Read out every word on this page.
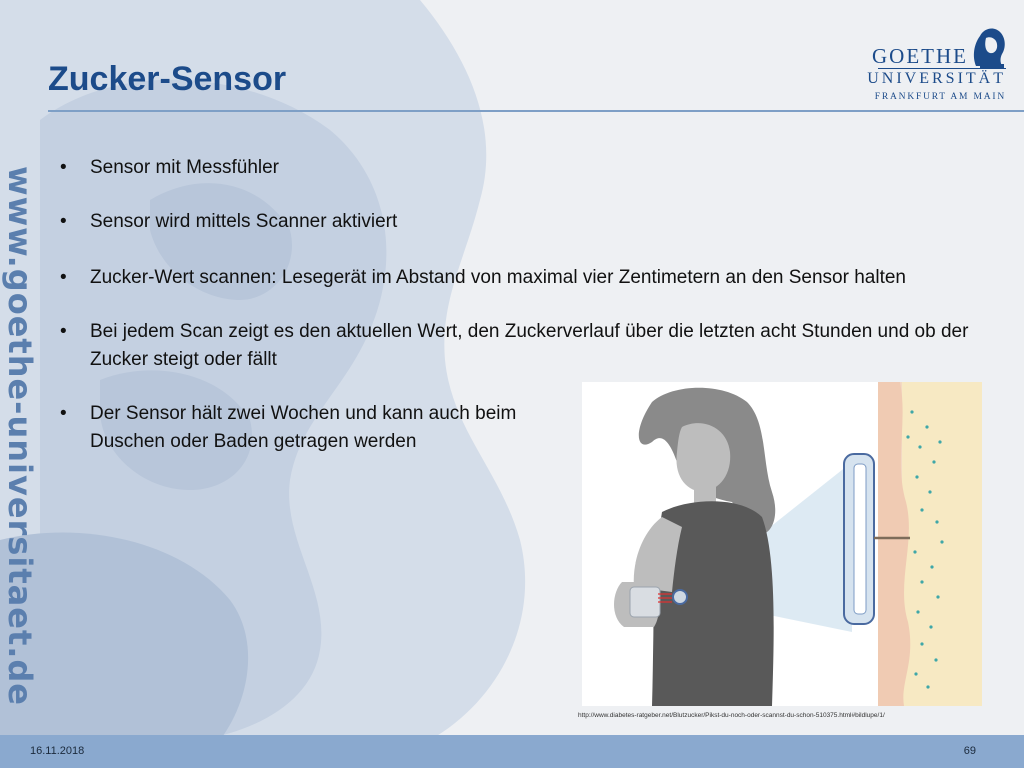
www.goethe-universitaet.de
Zucker-Sensor
GOETHE
UNIVERSITÄT
FRANKFURT AM MAIN
•	Sensor mit Messfühler
•	Sensor wird mittels Scanner aktiviert
•	Zucker-Wert scannen: Lesegerät im Abstand von maximal vier Zentimetern an den Sensor halten
•	Bei jedem Scan zeigt es den aktuellen Wert, den Zuckerverlauf über die letzten acht Stunden und ob der Zucker steigt oder fällt
•	Der Sensor hält zwei Wochen und kann auch beim Duschen oder Baden getragen werden
http://www.diabetes-ratgeber.net/Blutzucker/Pikst-du-noch-oder-scannst-du-schon-510375.html#bildlupe/1/
16.11.2018	69
